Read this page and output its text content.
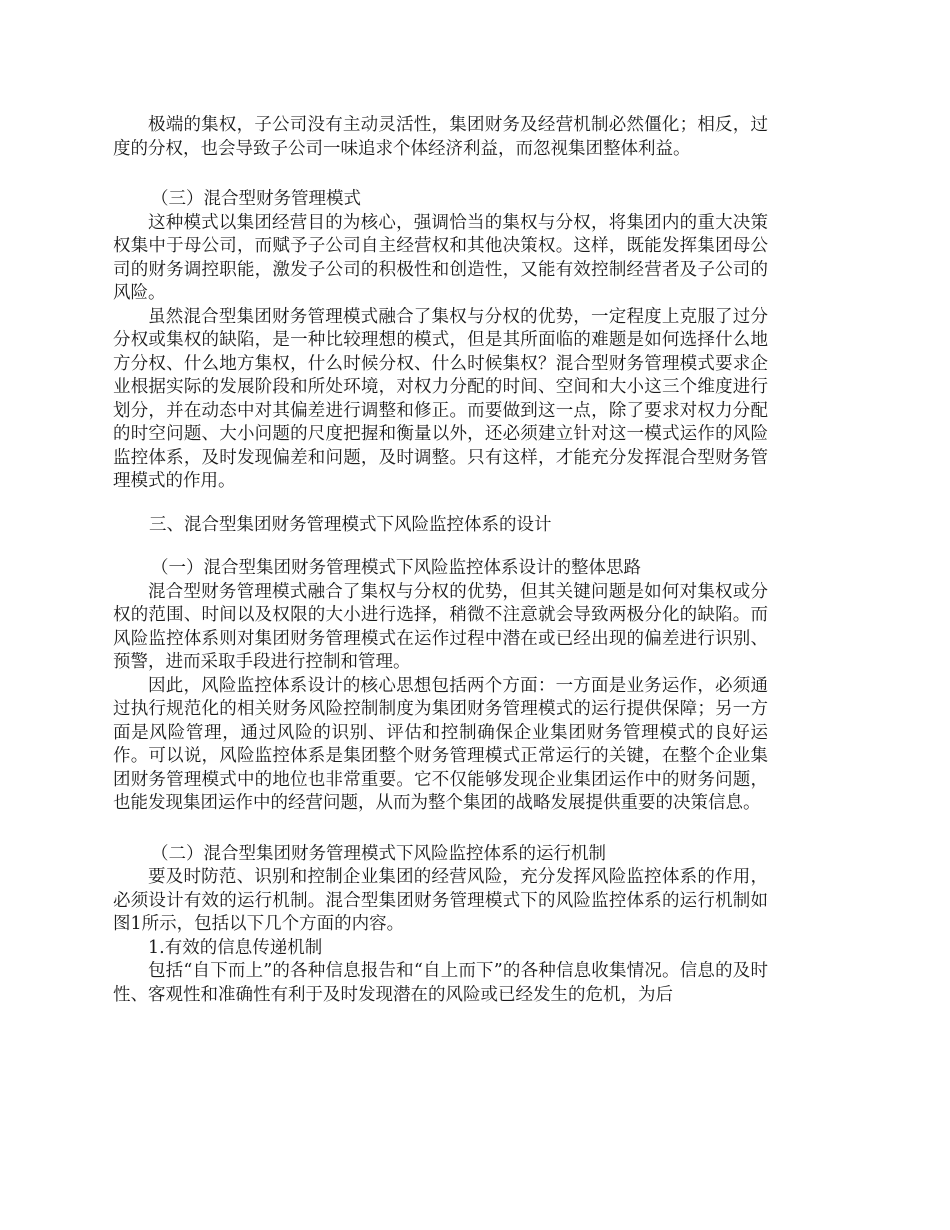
极端的集权，子公司没有主动灵活性，集团财务及经营机制必然僵化；相反，过度的分权，也会导致子公司一味追求个体经济利益，而忽视集团整体利益。

（三）混合型财务管理模式

这种模式以集团经营目的为核心，强调恰当的集权与分权，将集团内的重大决策权集中于母公司，而赋予子公司自主经营权和其他决策权。这样，既能发挥集团母公司的财务调控职能，激发子公司的积极性和创造性，又能有效控制经营者及子公司的风险。

虽然混合型集团财务管理模式融合了集权与分权的优势，一定程度上克服了过分分权或集权的缺陷，是一种比较理想的模式，但是其所面临的难题是如何选择什么地方分权、什么地方集权，什么时候分权、什么时候集权？混合型财务管理模式要求企业根据实际的发展阶段和所处环境，对权力分配的时间、空间和大小这三个维度进行划分，并在动态中对其偏差进行调整和修正。而要做到这一点，除了要求对权力分配的时空问题、大小问题的尺度把握和衡量以外，还必须建立针对这一模式运作的风险监控体系，及时发现偏差和问题，及时调整。只有这样，才能充分发挥混合型财务管理模式的作用。

三、混合型集团财务管理模式下风险监控体系的设计

（一）混合型集团财务管理模式下风险监控体系设计的整体思路

混合型财务管理模式融合了集权与分权的优势，但其关键问题是如何对集权或分权的范围、时间以及权限的大小进行选择，稍微不注意就会导致两极分化的缺陷。而风险监控体系则对集团财务管理模式在运作过程中潜在或已经出现的偏差进行识别、预警，进而采取手段进行控制和管理。

因此，风险监控体系设计的核心思想包括两个方面：一方面是业务运作，必须通过执行规范化的相关财务风险控制制度为集团财务管理模式的运行提供保障；另一方面是风险管理，通过风险的识别、评估和控制确保企业集团财务管理模式的良好运作。可以说，风险监控体系是集团整个财务管理模式正常运行的关键，在整个企业集团财务管理模式中的地位也非常重要。它不仅能够发现企业集团运作中的财务问题，也能发现集团运作中的经营问题，从而为整个集团的战略发展提供重要的决策信息。

（二）混合型集团财务管理模式下风险监控体系的运行机制

要及时防范、识别和控制企业集团的经营风险，充分发挥风险监控体系的作用，必须设计有效的运行机制。混合型集团财务管理模式下的风险监控体系的运行机制如图1所示，包括以下几个方面的内容。

1.有效的信息传递机制

包括“自下而上”的各种信息报告和“自上而下”的各种信息收集情况。信息的及时性、客观性和准确性有利于及时发现潜在的风险或已经发生的危机，为后
